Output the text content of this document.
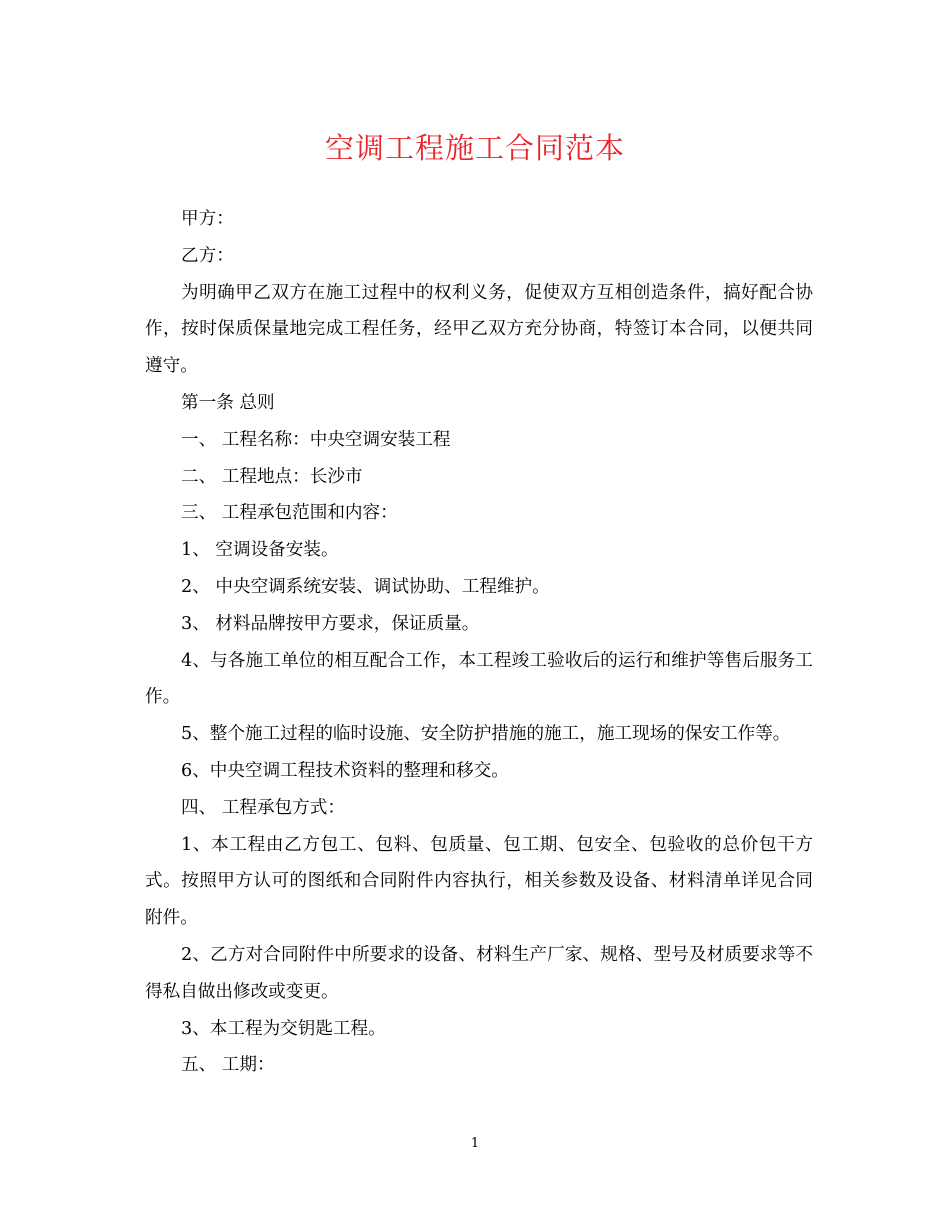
空调工程施工合同范本

甲方：

乙方：

为明确甲乙双方在施工过程中的权利义务，促使双方互相创造条件，搞好配合协作，按时保质保量地完成工程任务，经甲乙双方充分协商，特签订本合同，以便共同遵守。

第一条 总则

一、 工程名称：中央空调安装工程

二、 工程地点：长沙市

三、 工程承包范围和内容：

1、 空调设备安装。

2、 中央空调系统安装、调试协助、工程维护。

3、 材料品牌按甲方要求，保证质量。

4、与各施工单位的相互配合工作，本工程竣工验收后的运行和维护等售后服务工作。

5、整个施工过程的临时设施、安全防护措施的施工，施工现场的保安工作等。

6、中央空调工程技术资料的整理和移交。

四、 工程承包方式：

1、本工程由乙方包工、包料、包质量、包工期、包安全、包验收的总价包干方式。按照甲方认可的图纸和合同附件内容执行，相关参数及设备、材料清单详见合同附件。

2、乙方对合同附件中所要求的设备、材料生产厂家、规格、型号及材质要求等不得私自做出修改或变更。

3、本工程为交钥匙工程。

五、 工期：

1
